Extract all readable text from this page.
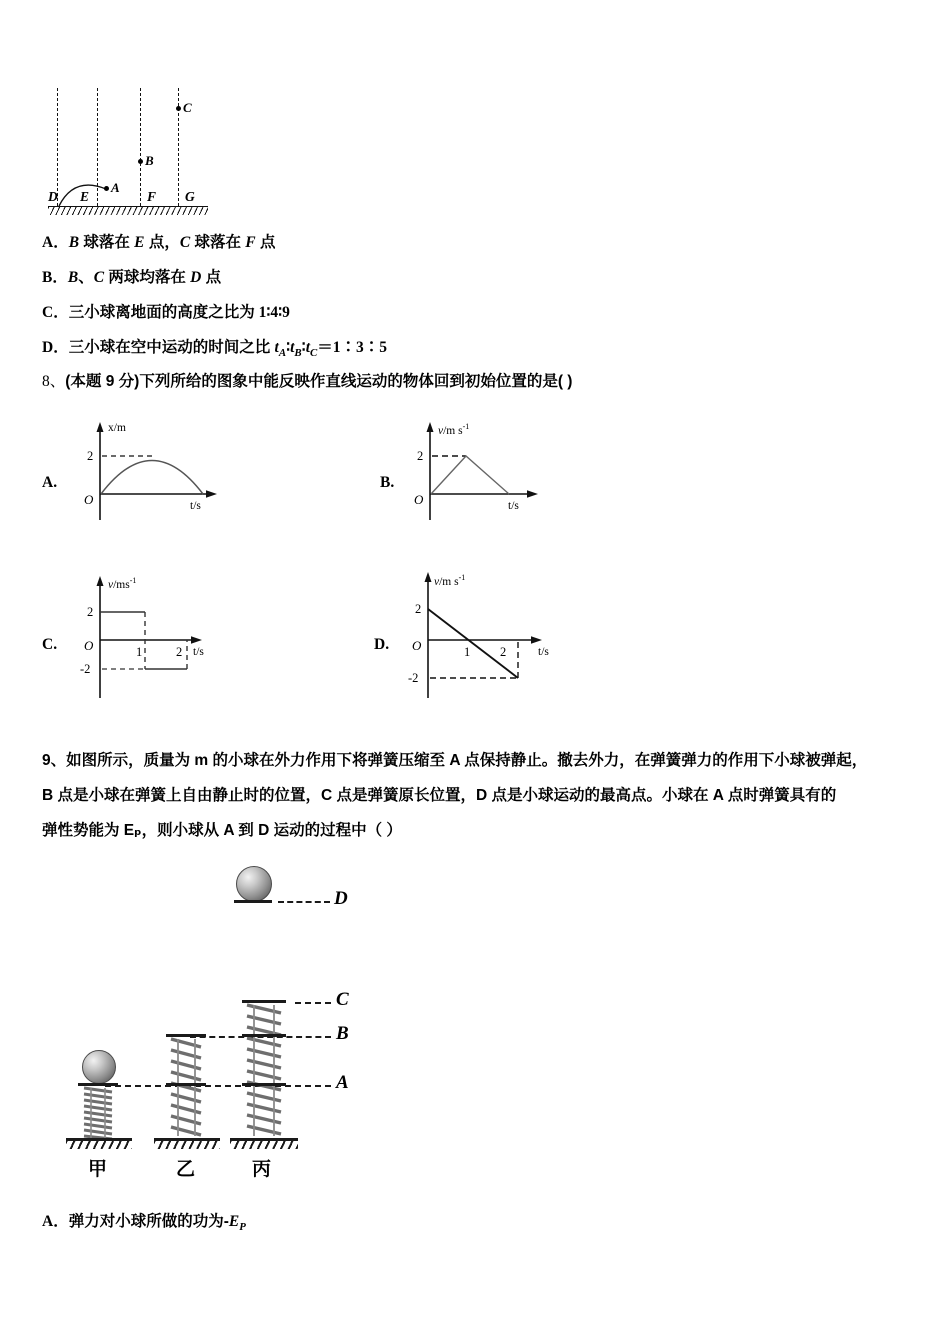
A
B
C
D E	F G
A．B 球落在 E 点，C 球落在 F 点
B．B、C 两球均落在 D 点
C．三小球离地面的高度之比为 1∶4∶9
D．三小球在空中运动的时间之比 $t_A∶t_B∶t_C=1∶3∶5$
8、(本题 9 分)下列所给的图象中能反映作直线运动的物体回到初始位置的是( )
A.
x/m
t/s
2
O
B.
v/m $s^{-1}$
t/s
2
O
C.
$v/ms^{-1}$
t/s
2
-2
1	2
O	D.
v/m $s^{-1}$
t/s
2
-2
1 2
O
9、如图所示，质量为 m 的小球在外力作用下将弹簧压缩至 A 点保持静止。撤去外力，在弹簧弹力的作用下小球被弹起，
B 点是小球在弹簧上自由静止时的位置，C 点是弹簧原长位置，D 点是小球运动的最高点。小球在 A 点时弹簧具有的
弹性势能为 Eₚ，则小球从 A 到 D 运动的过程中（ ）
D
C
B
A
甲	乙	丙
A．弹力对小球所做的功为$-E_P$
